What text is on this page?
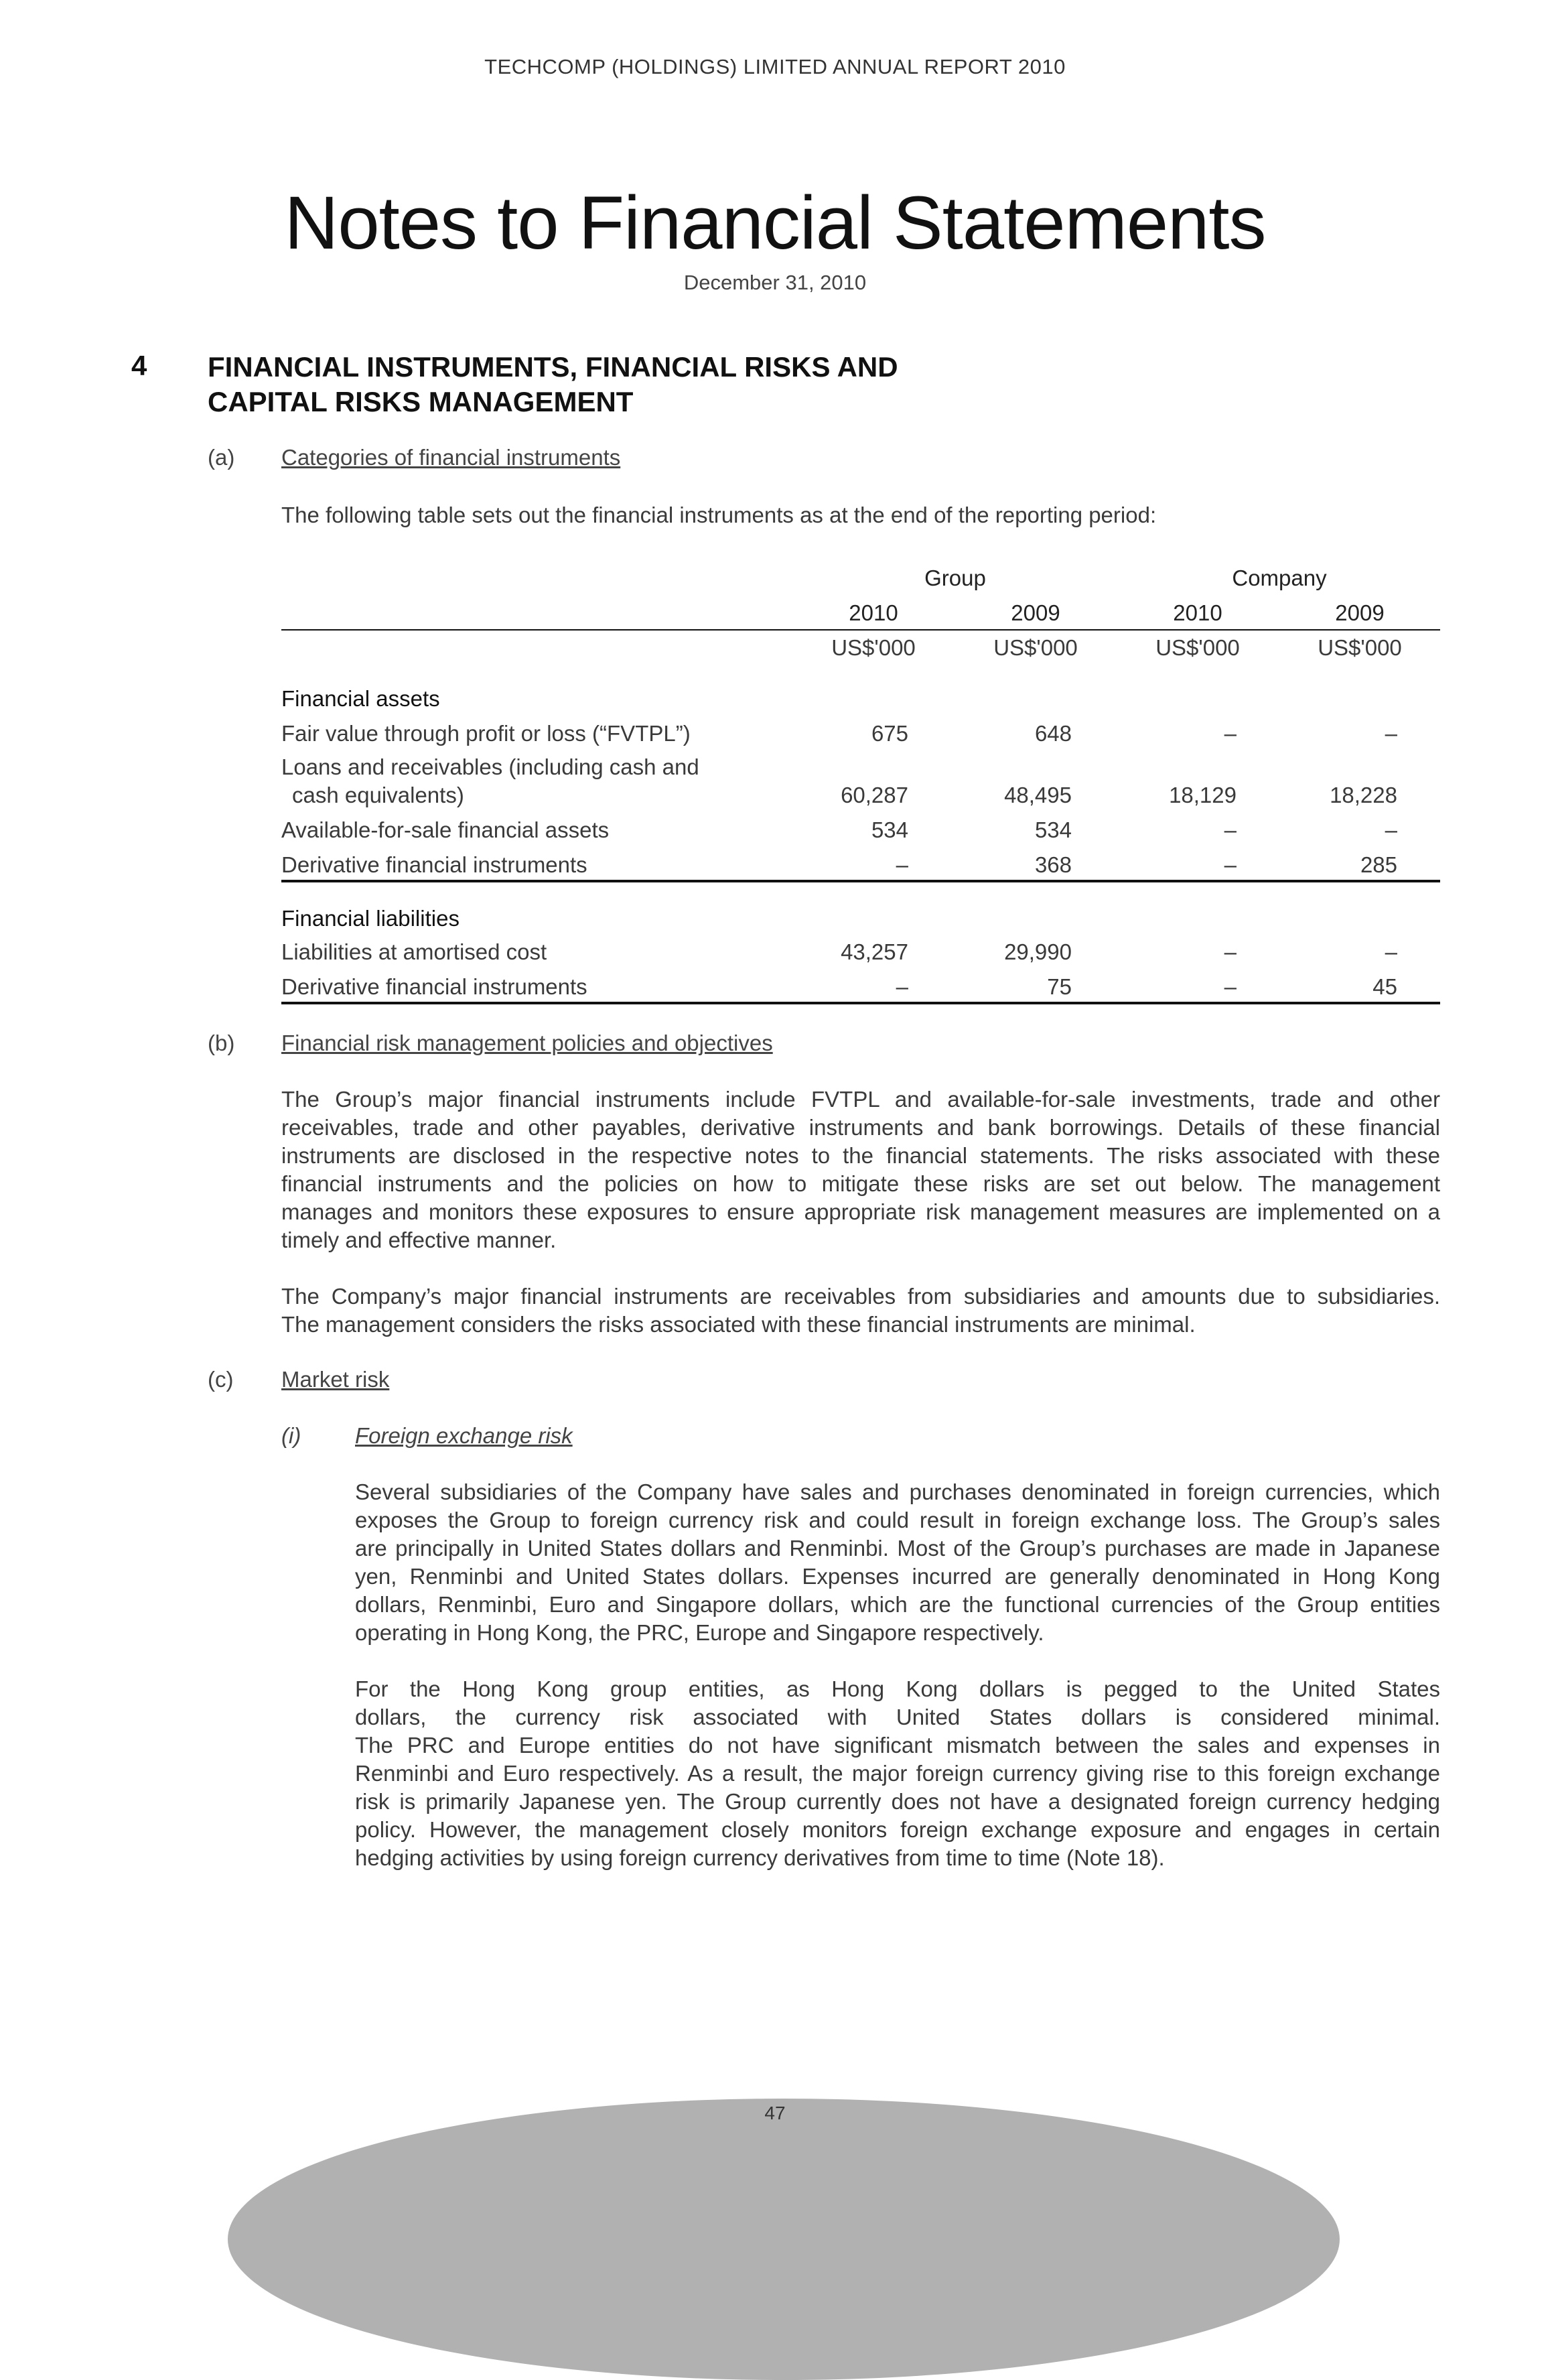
TECHCOMP (HOLDINGS) LIMITED ANNUAL REPORT 2010
Notes to Financial Statements
December 31, 2010
4 FINANCIAL INSTRUMENTS, FINANCIAL RISKS AND
CAPITAL RISKS MANAGEMENT
(a) Categories of financial instruments
The following table sets out the financial instruments as at the end of the reporting period:
Group	Company
2010	2009	2010	2009
US$'000	US$'000	US$'000	US$'000
Financial assets
Fair value through profit or loss (“FVTPL”)	675	648	–	–
Loans and receivables (including cash and
cash equivalents)	60,287	48,495	18,129	18,228
Available-for-sale financial assets	534	534	–	–
Derivative financial instruments	–	368	–	285
Financial liabilities
Liabilities at amortised cost	43,257	29,990	–	–
Derivative financial instruments	–	75	–	45
(b) Financial risk management policies and objectives
The Group’s major financial instruments include FVTPL and available-for-sale investments, trade and other
receivables, trade and other payables, derivative instruments and bank borrowings. Details of these financial
instruments are disclosed in the respective notes to the financial statements. The risks associated with these
financial instruments and the policies on how to mitigate these risks are set out below. The management
manages and monitors these exposures to ensure appropriate risk management measures are implemented on a
timely and effective manner.
The Company’s major financial instruments are receivables from subsidiaries and amounts due to subsidiaries.
The management considers the risks associated with these financial instruments are minimal.
(c) Market risk
(i) Foreign exchange risk
Several subsidiaries of the Company have sales and purchases denominated in foreign currencies, which
exposes the Group to foreign currency risk and could result in foreign exchange loss. The Group’s sales
are principally in United States dollars and Renminbi. Most of the Group’s purchases are made in Japanese
yen, Renminbi and United States dollars. Expenses incurred are generally denominated in Hong Kong
dollars, Renminbi, Euro and Singapore dollars, which are the functional currencies of the Group entities
operating in Hong Kong, the PRC, Europe and Singapore respectively.
For the Hong Kong group entities, as Hong Kong dollars is pegged to the United States
dollars, the currency risk associated with United States dollars is considered minimal.
The PRC and Europe entities do not have significant mismatch between the sales and expenses in
Renminbi and Euro respectively. As a result, the major foreign currency giving rise to this foreign exchange
risk is primarily Japanese yen. The Group currently does not have a designated foreign currency hedging
policy. However, the management closely monitors foreign exchange exposure and engages in certain
hedging activities by using foreign currency derivatives from time to time (Note 18).
47
